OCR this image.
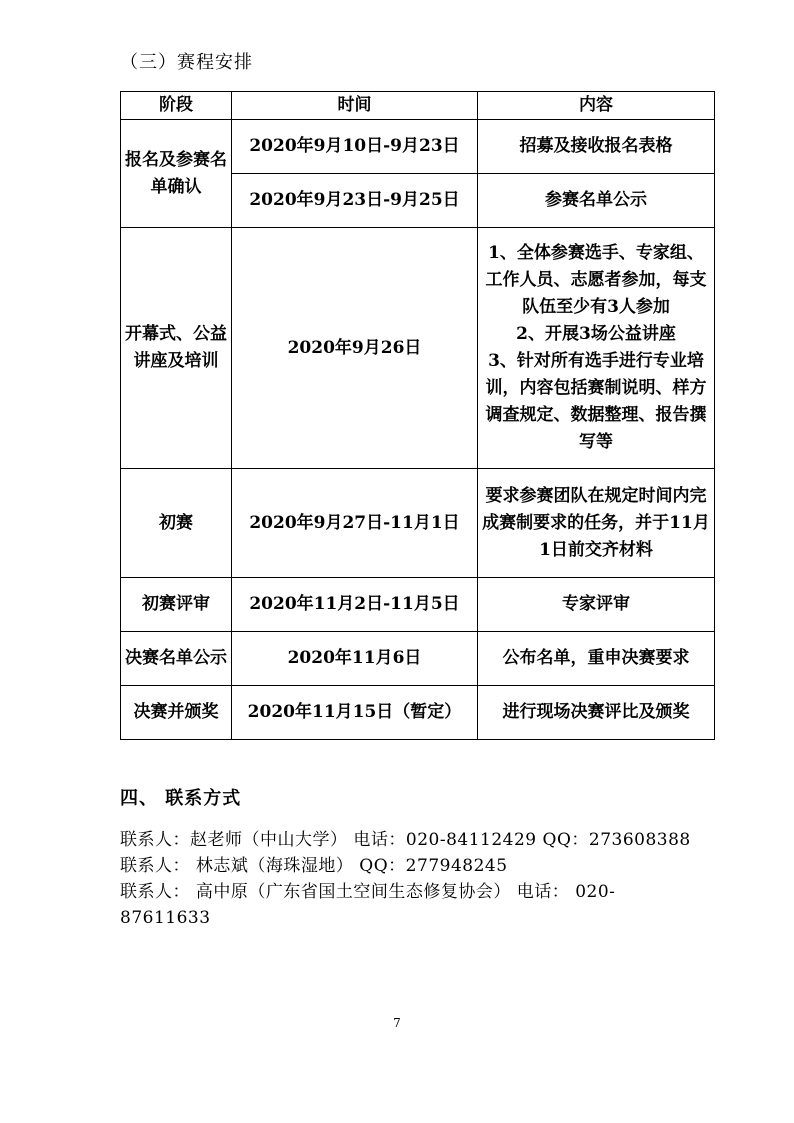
（三）赛程安排
阶段	时间	内容
报名及参赛名单确认	2020年9月10日-9月23日	招募及接收报名表格
	2020年9月23日-9月25日	参赛名单公示
开幕式、公益讲座及培训	2020年9月26日	1、全体参赛选手、专家组、工作人员、志愿者参加，每支队伍至少有3人参加
2、开展3场公益讲座
3、针对所有选手进行专业培训，内容包括赛制说明、样方调查规定、数据整理、报告撰写等

初赛	2020年9月27日-11月1日	要求参赛团队在规定时间内完成赛制要求的任务，并于11月1日前交齐材料
初赛评审	2020年11月2日-11月5日	专家评审
决赛名单公示	2020年11月6日	公布名单，重申决赛要求
决赛并颁奖	2020年11月15日（暂定）	进行现场决赛评比及颁奖
四、 联系方式
联系人：赵老师（中山大学） 电话：020-84112429 QQ：273608388
联系人： 林志斌（海珠湿地） QQ：277948245
联系人： 高中原（广东省国土空间生态修复协会） 电话： 020-87611633
7
